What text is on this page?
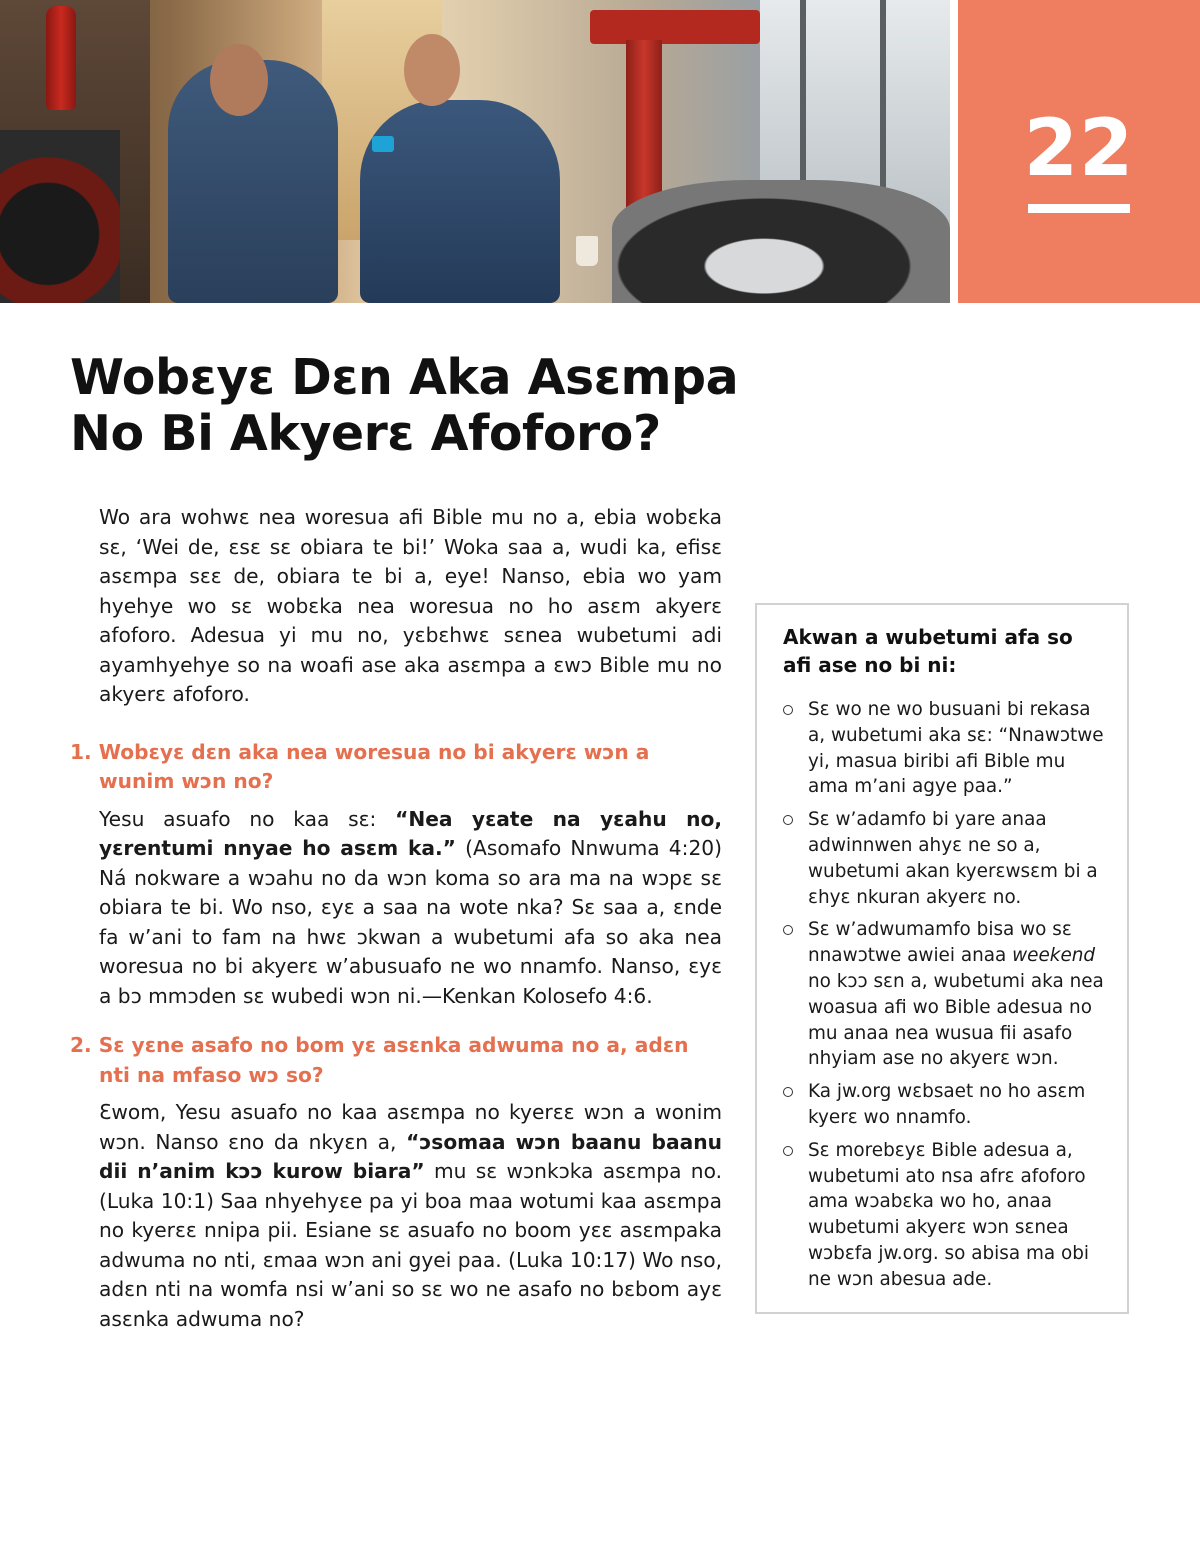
22
Wobɛyɛ Dɛn Aka Asɛmpa
No Bi Akyerɛ Afoforo?

Wo ara wohwɛ nea woresua afi Bible mu no a, ebia wobɛka sɛ, ‘Wei de, ɛsɛ sɛ obiara te bi!’ Woka saa a, wudi ka, efisɛ asɛmpa sɛɛ de, obiara te bi a, eye! Nanso, ebia wo yam hyehye wo sɛ wobɛka nea woresua no ho asɛm akyerɛ afoforo. Adesua yi mu no, yɛbɛhwɛ sɛnea wubetumi adi ayamhyehye so na woafi ase aka asɛmpa a ɛwɔ Bible mu no akyerɛ afoforo.

1. Wobɛyɛ dɛn aka nea woresua no bi akyerɛ wɔn a wunim wɔn no?

Yesu asuafo no kaa sɛ: “Nea yɛate na yɛahu no, yɛrentumi nnyae ho asɛm ka.” (Asomafo Nnwuma 4:20) Ná nokware a wɔahu no da wɔn koma so ara ma na wɔpɛ sɛ obiara te bi. Wo nso, ɛyɛ a saa na wote nka? Sɛ saa a, ɛnde fa w’ani to fam na hwɛ ɔkwan a wubetumi afa so aka nea woresua no bi akyerɛ w’abusuafo ne wo nnamfo. Nanso, ɛyɛ a bɔ mmɔden sɛ wubedi wɔn ni.—Kenkan Kolosefo 4:6.

2. Sɛ yɛne asafo no bom yɛ asɛnka adwuma no a, adɛn nti na mfaso wɔ so?

Ɛwom, Yesu asuafo no kaa asɛmpa no kyerɛɛ wɔn a wonim wɔn. Nanso ɛno da nkyɛn a, “ɔsomaa wɔn baanu baanu dii n’anim kɔɔ kurow biara” mu sɛ wɔnkɔka asɛmpa no. (Luka 10:1) Saa nhyehyɛe pa yi boa maa wotumi kaa asɛmpa no kyerɛɛ nnipa pii. Esiane sɛ asuafo no boom yɛɛ asɛmpaka adwuma no nti, ɛmaa wɔn ani gyei paa. (Luka 10:17) Wo nso, adɛn nti na womfa nsi w’ani so sɛ wo ne asafo no bɛbom ayɛ asɛnka adwuma no?

Akwan a wubetumi afa so afi ase no bi ni:
Sɛ wo ne wo busuani bi rekasa a, wubetumi aka sɛ: “Nnawɔtwe yi, masua biribi afi Bible mu ama m’ani agye paa.”
Sɛ w’adamfo bi yare anaa adwinnwen ahyɛ ne so a, wubetumi akan kyerɛwsɛm bi a ɛhyɛ nkuran akyerɛ no.
Sɛ w’adwumamfo bisa wo sɛ nnawɔtwe awiei anaa weekend no kɔɔ sɛn a, wubetumi aka nea woasua afi wo Bible adesua no mu anaa nea wusua fii asafo nhyiam ase no akyerɛ wɔn.
Ka jw.org wɛbsaet no ho asɛm kyerɛ wo nnamfo.
Sɛ morebɛyɛ Bible adesua a, wubetumi ato nsa afrɛ afoforo ama wɔabɛka wo ho, anaa wubetumi akyerɛ wɔn sɛnea wɔbɛfa jw.org. so abisa ma obi ne wɔn abesua ade.
